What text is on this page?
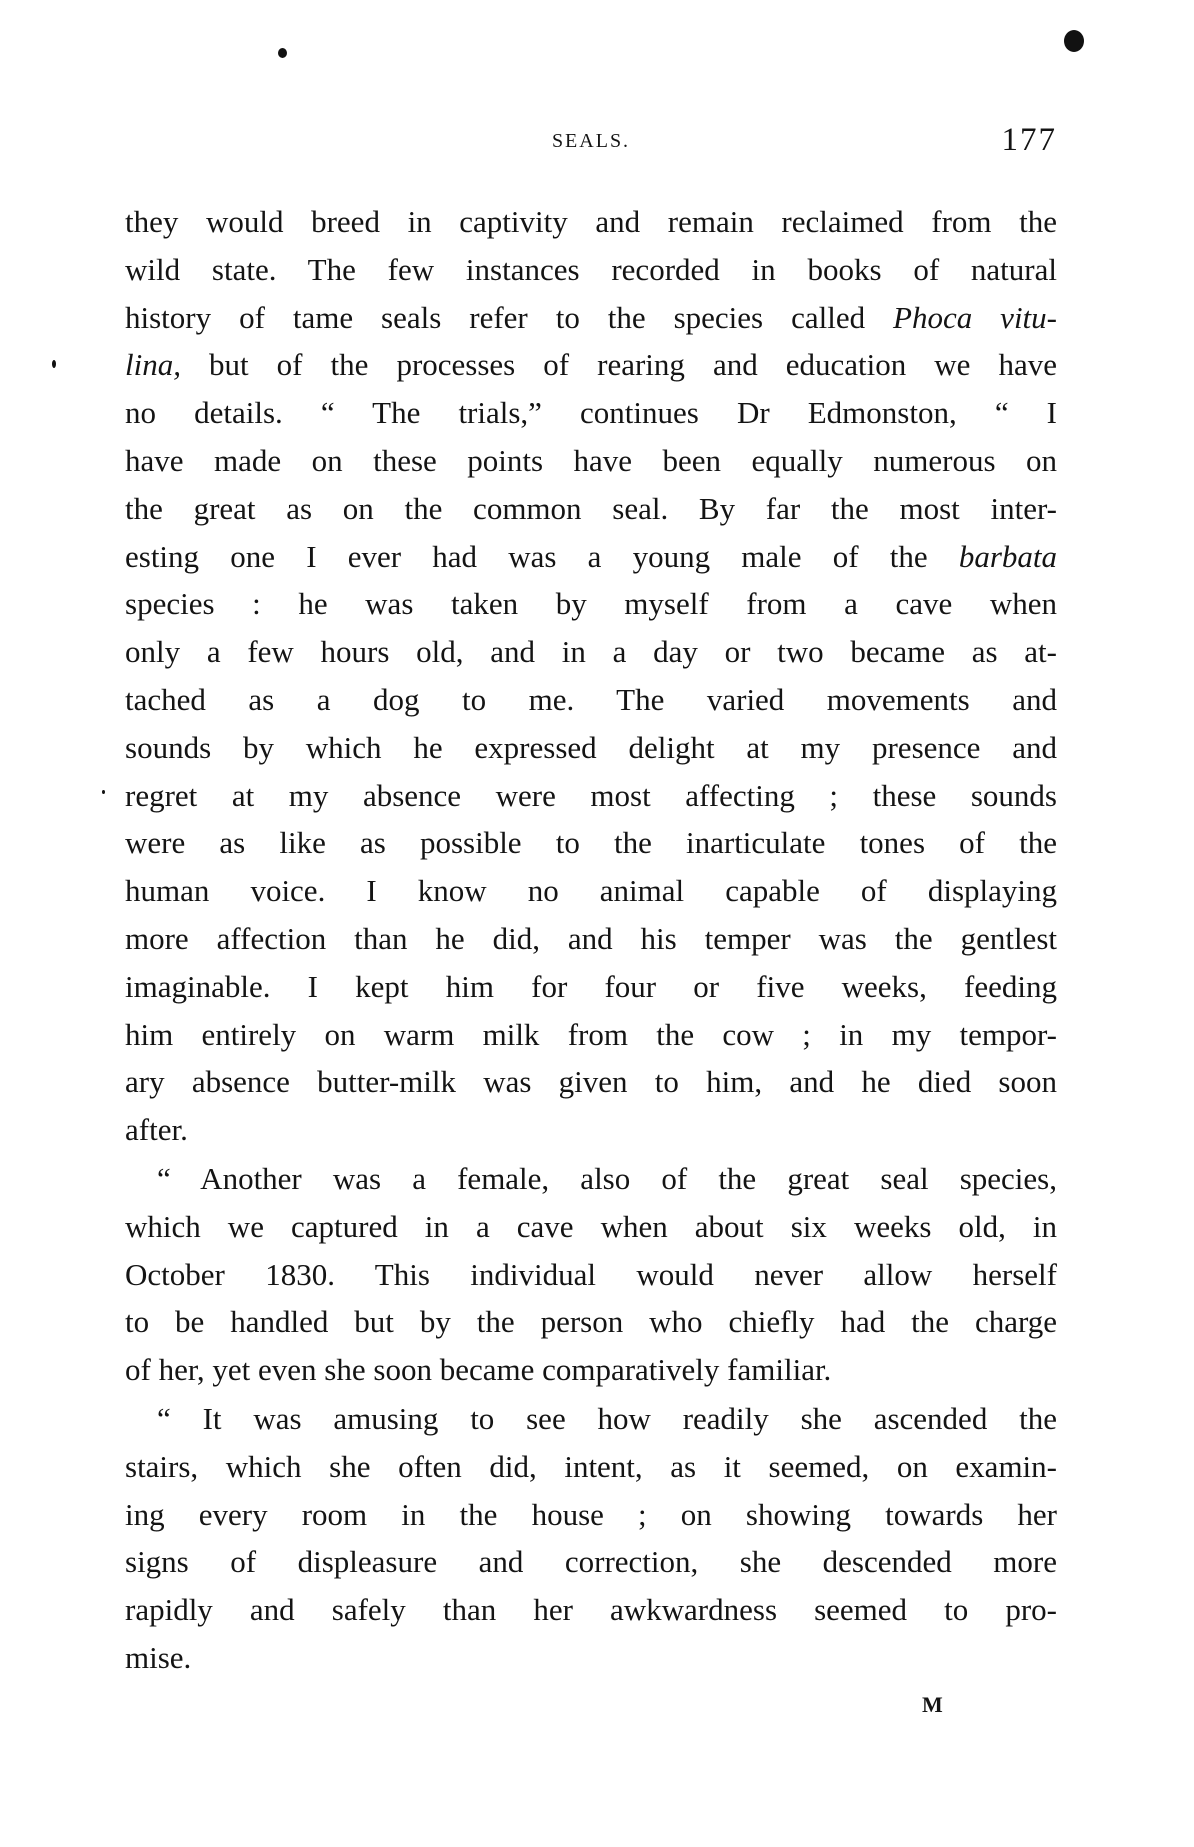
SEALS.	177
they would breed in captivity and remain reclaimed from the
wild state. The few instances recorded in books of natural
history of tame seals refer to the species called Phoca vitu-
lina, but of the processes of rearing and education we have
no details. “ The trials,” continues Dr Edmonston, “ I
have made on these points have been equally numerous on
the great as on the common seal. By far the most inter-
esting one I ever had was a young male of the barbata
species : he was taken by myself from a cave when
only a few hours old, and in a day or two became as at-
tached as a dog to me. The varied movements and
sounds by which he expressed delight at my presence and
regret at my absence were most affecting ; these sounds
were as like as possible to the inarticulate tones of the
human voice. I know no animal capable of displaying
more affection than he did, and his temper was the gentlest
imaginable. I kept him for four or five weeks, feeding
him entirely on warm milk from the cow ; in my tempor-
ary absence butter-milk was given to him, and he died soon
after.
“ Another was a female, also of the great seal species,
which we captured in a cave when about six weeks old, in
October 1830. This individual would never allow herself
to be handled but by the person who chiefly had the charge
of her, yet even she soon became comparatively familiar.
“ It was amusing to see how readily she ascended the
stairs, which she often did, intent, as it seemed, on examin-
ing every room in the house ; on showing towards her
signs of displeasure and correction, she descended more
rapidly and safely than her awkwardness seemed to pro-
mise.
M
